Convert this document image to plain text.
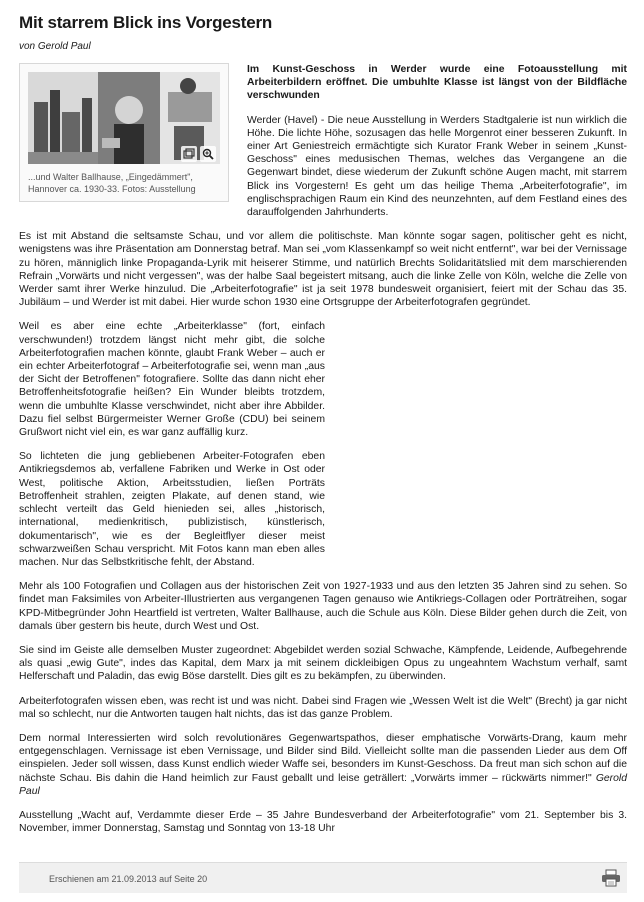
Mit starrem Blick ins Vorgestern
von Gerold Paul
...und Walter Ballhause, „Eingedämmert", Hannover ca. 1930-33. Fotos: Ausstellung

Im Kunst-Geschoss in Werder wurde eine Fotoausstellung mit Arbeiterbildern eröffnet. Die umbuhlte Klasse ist längst von der Bildfläche verschwunden

Werder (Havel) - Die neue Ausstellung in Werders Stadtgalerie ist nun wirklich die Höhe. Die lichte Höhe, sozusagen das helle Morgenrot einer besseren Zukunft. In einer Art Geniestreich ermächtigte sich Kurator Frank Weber in seinem „Kunst-Geschoss" eines medusischen Themas, welches das Vergangene an die Gegenwart bindet, diese wiederum der Zukunft schöne Augen macht, mit starrem Blick ins Vorgestern! Es geht um das heilige Thema „Arbeiterfotografie", im englischsprachigen Raum ein Kind des neunzehnten, auf dem Festland eines des darauffolgenden Jahrhunderts.

Es ist mit Abstand die seltsamste Schau, und vor allem die politischste. Man könnte sogar sagen, politischer geht es nicht, wenigstens was ihre Präsentation am Donnerstag betraf. Man sei „vom Klassenkampf so weit nicht entfernt", war bei der Vernissage zu hören, männiglich linke Propaganda-Lyrik mit heiserer Stimme, und natürlich Brechts Solidaritätslied mit dem marschierenden Refrain „Vorwärts und nicht vergessen", was der halbe Saal begeistert mitsang, auch die linke Zelle von Köln, welche die Zelle von Werder samt ihrer Werke hinzulud. Die „Arbeiterfotografie" ist ja seit 1978 bundesweit organisiert, feiert mit der Schau das 35. Jubiläum – und Werder ist mit dabei. Hier wurde schon 1930 eine Ortsgruppe der Arbeiterfotografen gegründet.

Weil es aber eine echte „Arbeiterklasse" (fort, einfach verschwunden!) trotzdem längst nicht mehr gibt, die solche Arbeiterfotografien machen könnte, glaubt Frank Weber – auch er ein echter Arbeiterfotograf – Arbeiterfotografie sei, wenn man „aus der Sicht der Betroffenen" fotografiere. Sollte das dann nicht eher Betroffenheitsfotografie heißen? Ein Wunder bleibts trotzdem, wenn die umbuhlte Klasse verschwindet, nicht aber ihre Abbilder. Dazu fiel selbst Bürgermeister Werner Große (CDU) bei seinem Grußwort nicht viel ein, es war ganz auffällig kurz.

So lichteten die jung gebliebenen Arbeiter-Fotografen eben Antikriegsdemos ab, verfallene Fabriken und Werke in Ost oder West, politische Aktion, Arbeitsstudien, ließen Porträts Betroffenheit strahlen, zeigten Plakate, auf denen stand, wie schlecht verteilt das Geld hienieden sei, alles „historisch, international, medienkritisch, publizistisch, künstlerisch, dokumentarisch", wie es der Begleitflyer dieser meist schwarzweißen Schau verspricht. Mit Fotos kann man eben alles machen. Nur das Selbstkritische fehlt, der Abstand.

Mehr als 100 Fotografien und Collagen aus der historischen Zeit von 1927-1933 und aus den letzten 35 Jahren sind zu sehen. So findet man Faksimiles von Arbeiter-Illustrierten aus vergangenen Tagen genauso wie Antikriegs-Collagen oder Porträtreihen, sogar KPD-Mitbegründer John Heartfield ist vertreten, Walter Ballhause, auch die Schule aus Köln. Diese Bilder gehen durch die Zeit, von damals über gestern bis heute, durch West und Ost.

Sie sind im Geiste alle demselben Muster zugeordnet: Abgebildet werden sozial Schwache, Kämpfende, Leidende, Aufbegehrende als quasi „ewig Gute", indes das Kapital, dem Marx ja mit seinem dickleibigen Opus zu ungeahntem Wachstum verhalf, samt Helferschaft und Paladin, das ewig Böse darstellt. Dies gilt es zu bekämpfen, zu überwinden.

Arbeiterfotografen wissen eben, was recht ist und was nicht. Dabei sind Fragen wie „Wessen Welt ist die Welt" (Brecht) ja gar nicht mal so schlecht, nur die Antworten taugen halt nichts, das ist das ganze Problem.

Dem normal Interessierten wird solch revolutionäres Gegenwartspathos, dieser emphatische Vorwärts-Drang, kaum mehr entgegenschlagen. Vernissage ist eben Vernissage, und Bilder sind Bild. Vielleicht sollte man die passenden Lieder aus dem Off einspielen. Jeder soll wissen, dass Kunst endlich wieder Waffe sei, besonders im Kunst-Geschoss. Da freut man sich schon auf die nächste Schau. Bis dahin die Hand heimlich zur Faust geballt und leise geträllert: „Vorwärts immer – rückwärts nimmer!" Gerold Paul

Ausstellung „Wacht auf, Verdammte dieser Erde – 35 Jahre Bundesverband der Arbeiterfotografie" vom 21. September bis 3. November, immer Donnerstag, Samstag und Sonntag von 13-18 Uhr

Erschienen am 21.09.2013 auf Seite 20
